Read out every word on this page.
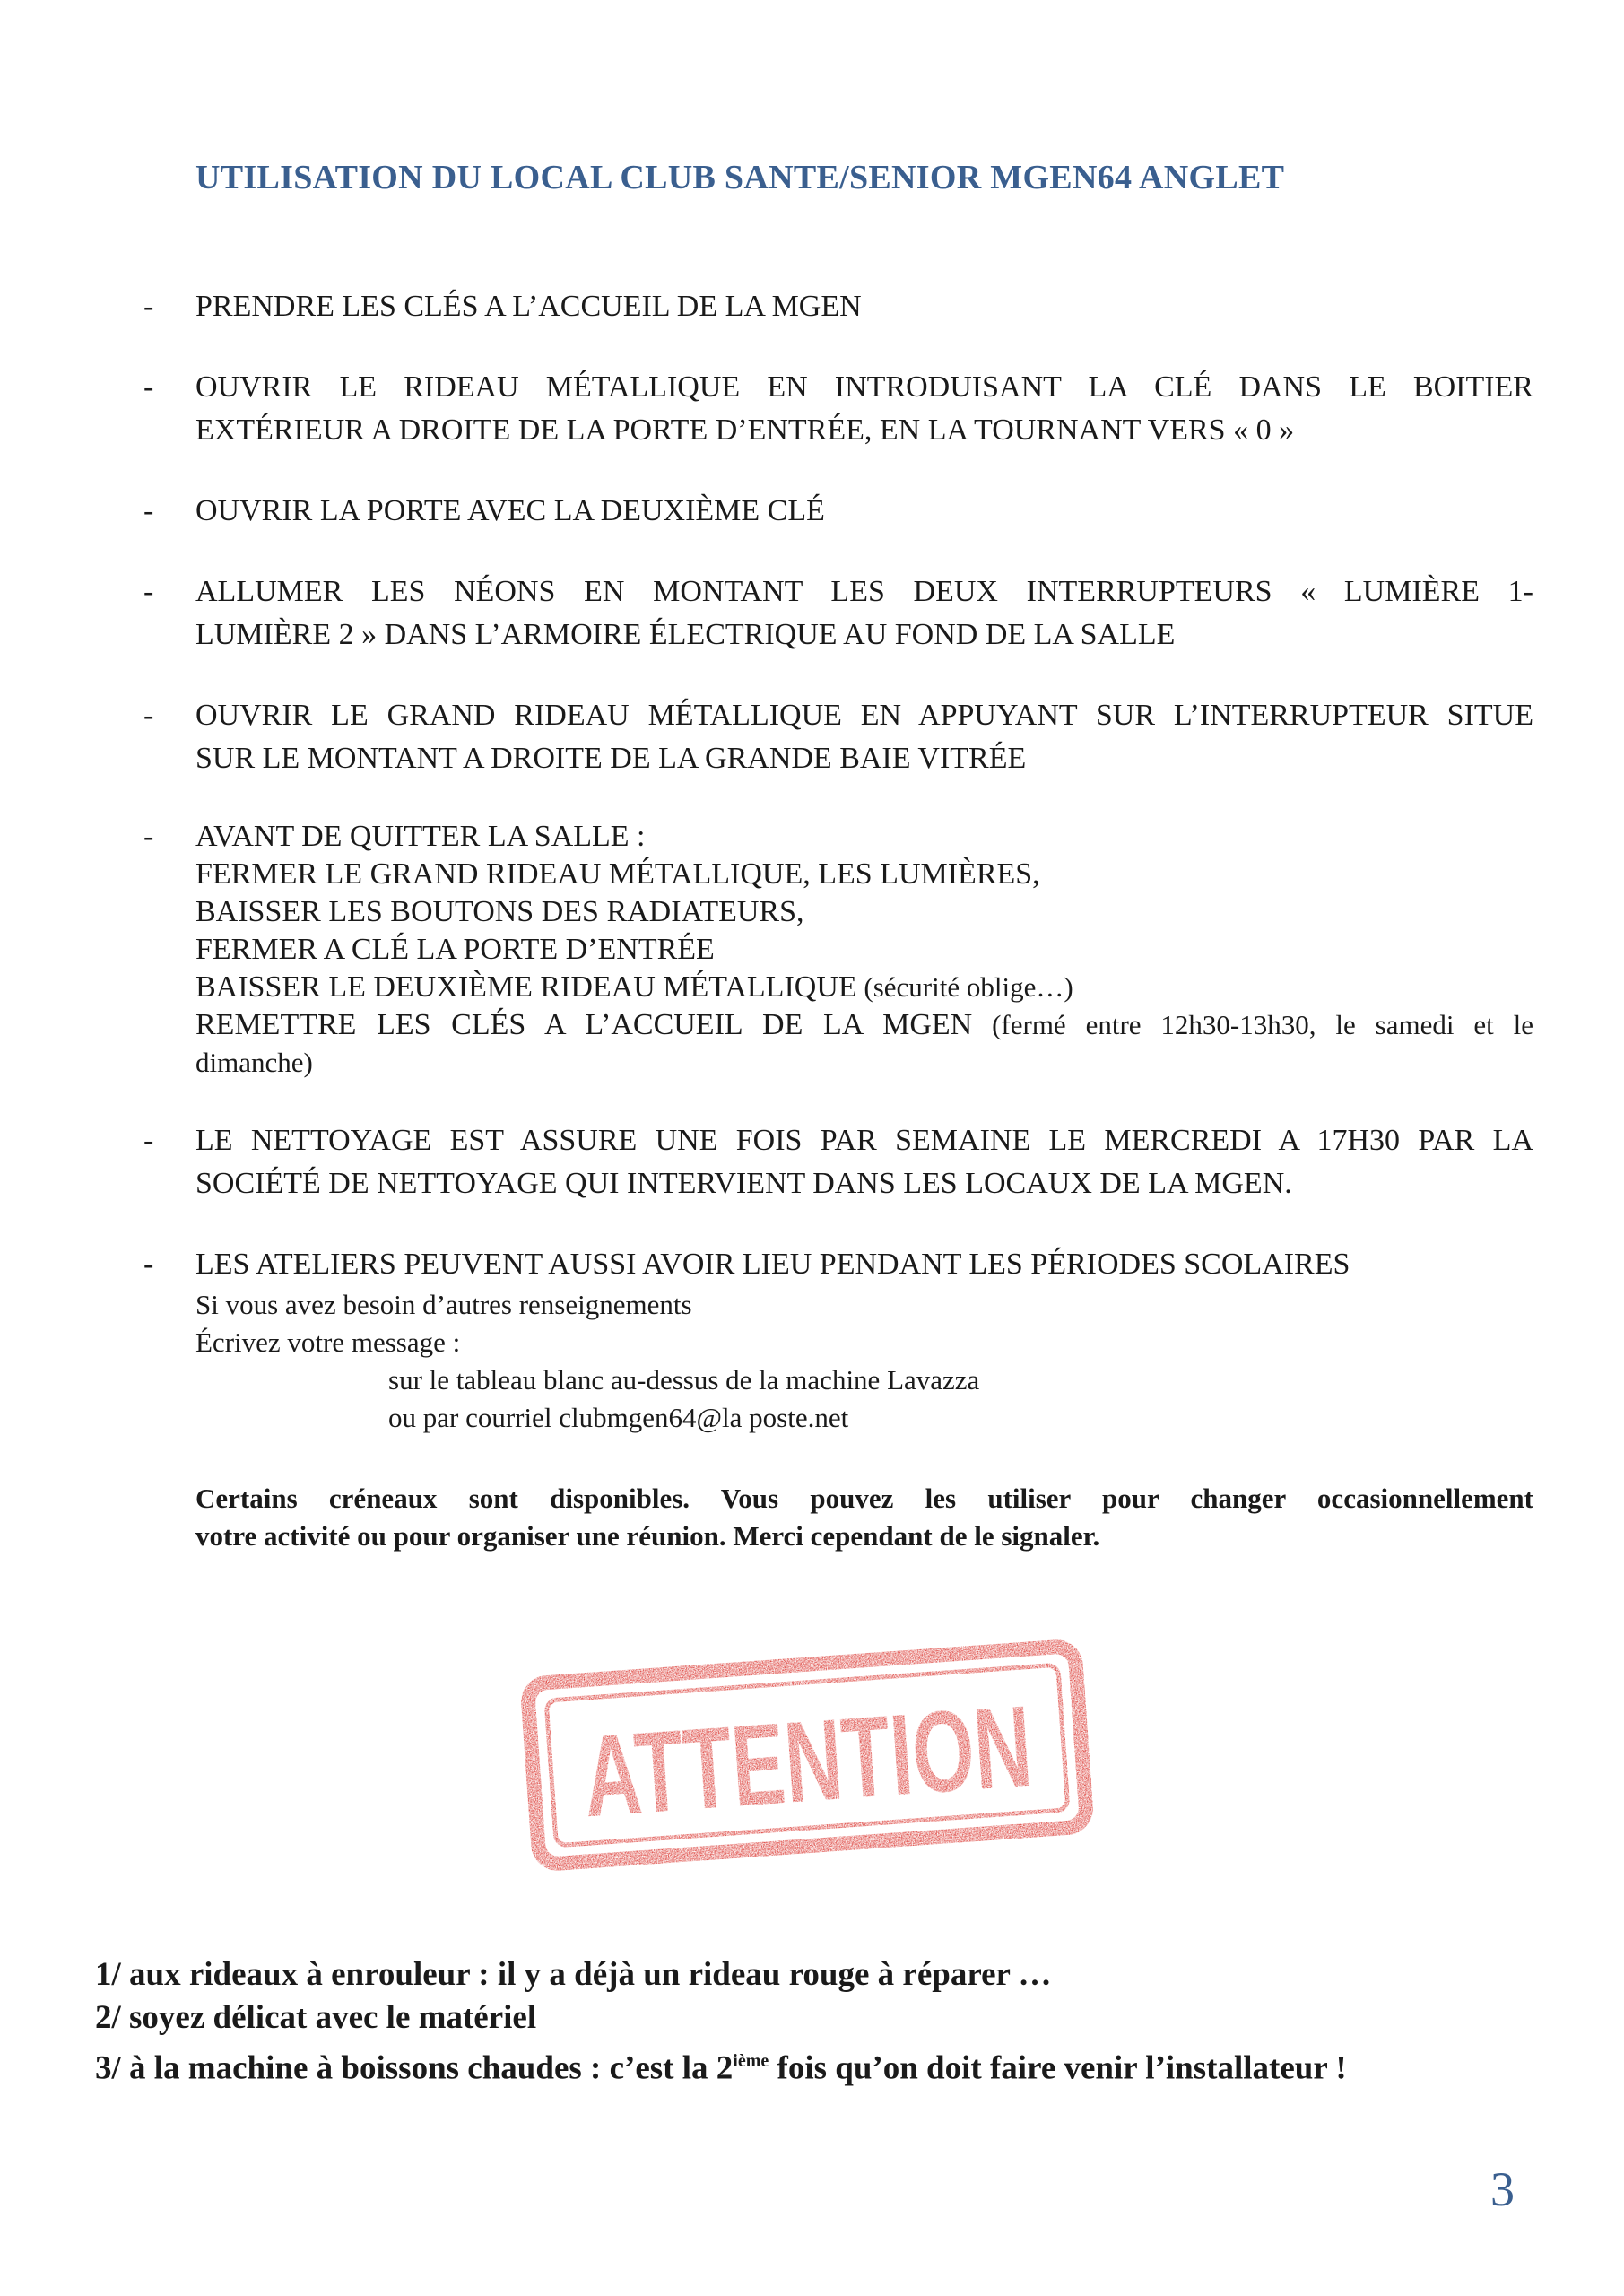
UTILISATION DU LOCAL CLUB SANTE/SENIOR MGEN64 ANGLET
- PRENDRE LES CLÉS A L’ACCUEIL DE LA MGEN
- OUVRIR LE RIDEAU MÉTALLIQUE EN INTRODUISANT LA CLÉ DANS LE BOITIER
EXTÉRIEUR A DROITE DE LA PORTE D’ENTRÉE, EN LA TOURNANT VERS « 0 »
- OUVRIR LA PORTE AVEC LA DEUXIÈME CLÉ
- ALLUMER LES NÉONS EN MONTANT LES DEUX INTERRUPTEURS « LUMIÈRE 1-
LUMIÈRE 2 » DANS L’ARMOIRE ÉLECTRIQUE AU FOND DE LA SALLE
- OUVRIR LE GRAND RIDEAU MÉTALLIQUE EN APPUYANT SUR L’INTERRUPTEUR SITUE
SUR LE MONTANT A DROITE DE LA GRANDE BAIE VITRÉE
- AVANT DE QUITTER LA SALLE :
FERMER LE GRAND RIDEAU MÉTALLIQUE, LES LUMIÈRES,
BAISSER LES BOUTONS DES RADIATEURS,
FERMER A CLÉ LA PORTE D’ENTRÉE
BAISSER LE DEUXIÈME RIDEAU MÉTALLIQUE (sécurité oblige…)
REMETTRE LES CLÉS A L’ACCUEIL DE LA MGEN (fermé entre 12h30-13h30, le samedi et le
dimanche)
- LE NETTOYAGE EST ASSURE UNE FOIS PAR SEMAINE LE MERCREDI A 17H30 PAR LA
SOCIÉTÉ DE NETTOYAGE QUI INTERVIENT DANS LES LOCAUX DE LA MGEN.
- LES ATELIERS PEUVENT AUSSI AVOIR LIEU PENDANT LES PÉRIODES SCOLAIRES
Si vous avez besoin d’autres renseignements
Écrivez votre message :
sur le tableau blanc au-dessus de la machine Lavazza
ou par courriel clubmgen64@la poste.net
Certains créneaux sont disponibles. Vous pouvez les utiliser pour changer occasionnellement
votre activité ou pour organiser une réunion. Merci cependant de le signaler.
ATTENTION
1/ aux rideaux à enrouleur : il y a déjà un rideau rouge à réparer …
2/ soyez délicat avec le matériel
3/ à la machine à boissons chaudes : c’est la 2ième fois qu’on doit faire venir l’installateur !
3
